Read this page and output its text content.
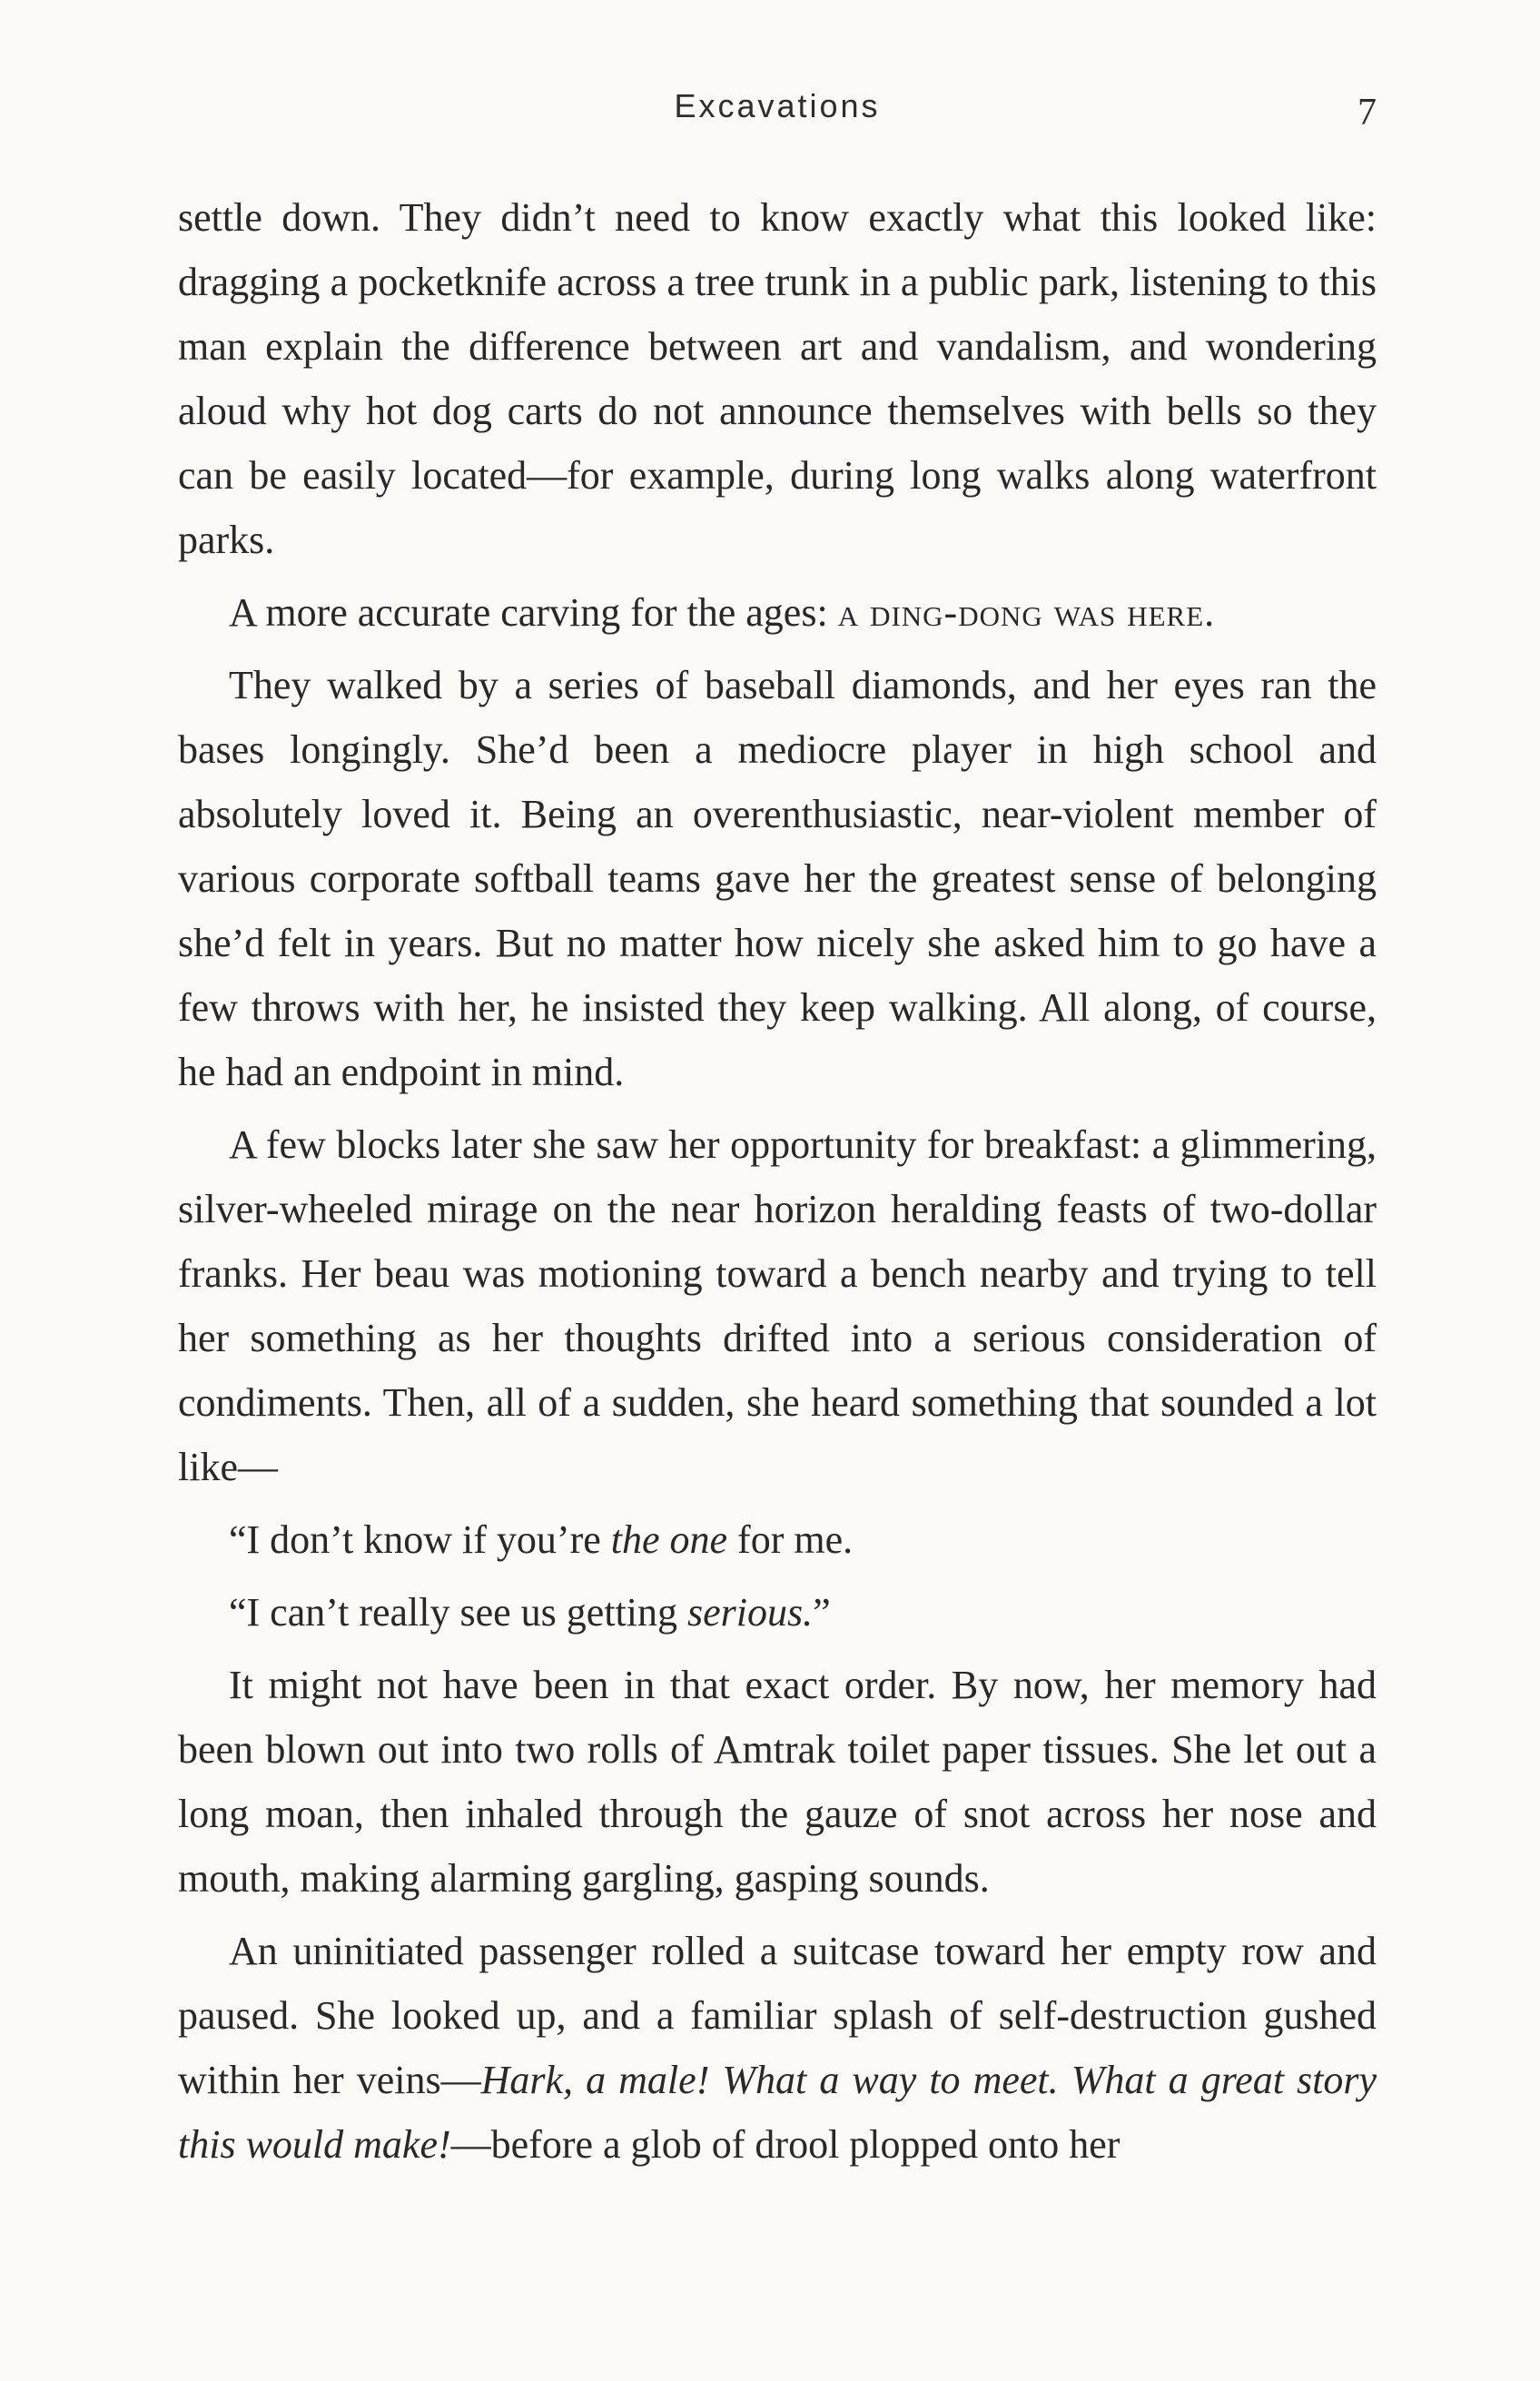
Excavations	7

settle down. They didn’t need to know exactly what this looked like: dragging a pocketknife across a tree trunk in a public park, listening to this man explain the difference between art and vandalism, and wondering aloud why hot dog carts do not announce themselves with bells so they can be easily located—for example, during long walks along waterfront parks.

A more accurate carving for the ages: a ding-dong was here.

They walked by a series of baseball diamonds, and her eyes ran the bases longingly. She’d been a mediocre player in high school and absolutely loved it. Being an overenthusiastic, near-violent member of various corporate softball teams gave her the greatest sense of belonging she’d felt in years. But no matter how nicely she asked him to go have a few throws with her, he insisted they keep walking. All along, of course, he had an endpoint in mind.

A few blocks later she saw her opportunity for breakfast: a glimmering, silver-wheeled mirage on the near horizon heralding feasts of two-dollar franks. Her beau was motioning toward a bench nearby and trying to tell her something as her thoughts drifted into a serious consideration of condiments. Then, all of a sudden, she heard something that sounded a lot like—

“I don’t know if you’re the one for me.

“I can’t really see us getting serious.”

It might not have been in that exact order. By now, her memory had been blown out into two rolls of Amtrak toilet paper tissues. She let out a long moan, then inhaled through the gauze of snot across her nose and mouth, making alarming gargling, gasping sounds.

An uninitiated passenger rolled a suitcase toward her empty row and paused. She looked up, and a familiar splash of self-destruction gushed within her veins—Hark, a male! What a way to meet. What a great story this would make!—before a glob of drool plopped onto her
